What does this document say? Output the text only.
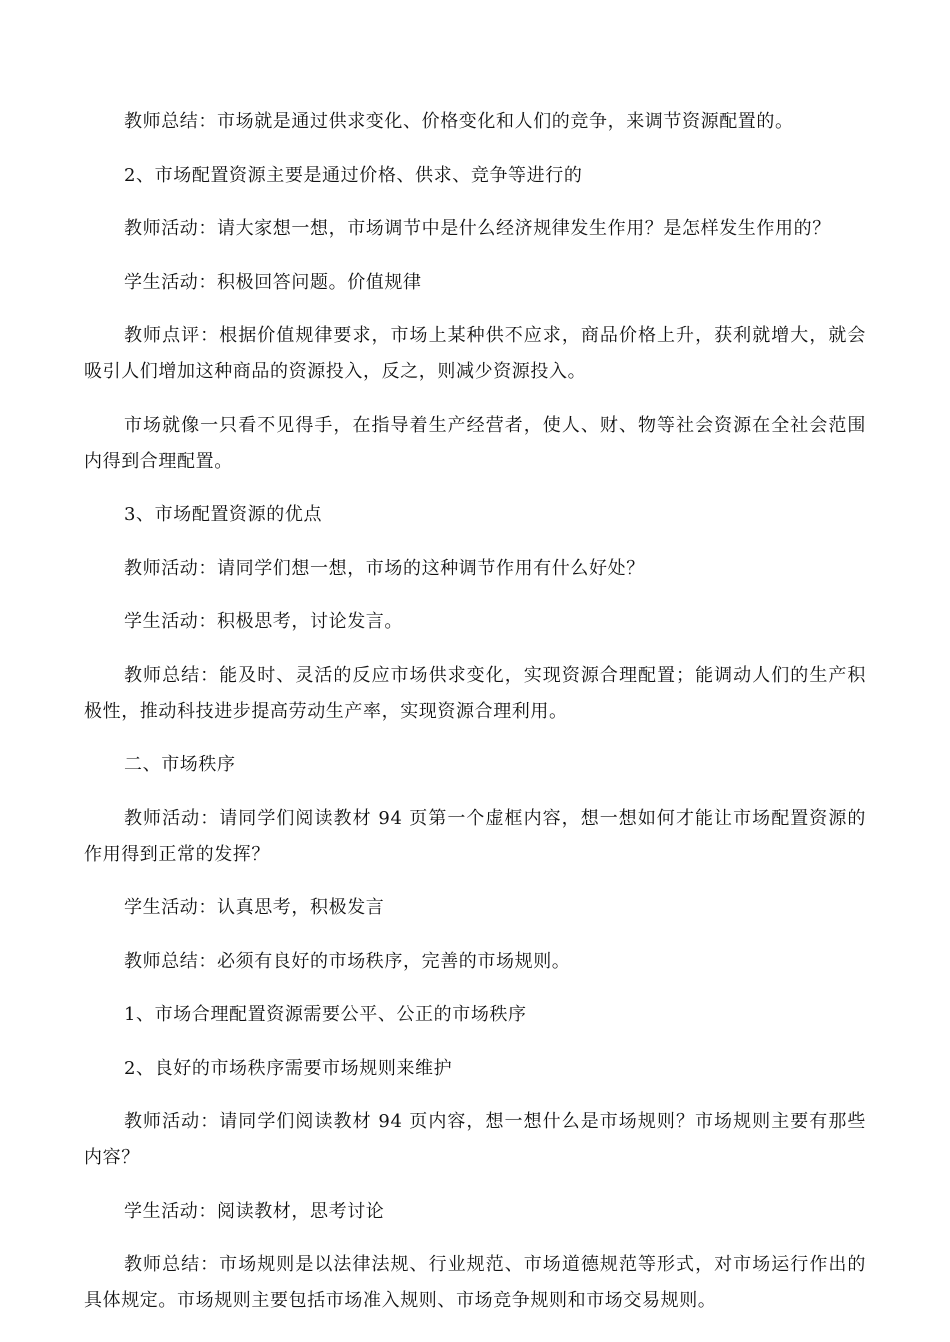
教师总结：市场就是通过供求变化、价格变化和人们的竞争，来调节资源配置的。

2、市场配置资源主要是通过价格、供求、竞争等进行的

教师活动：请大家想一想，市场调节中是什么经济规律发生作用？是怎样发生作用的？

学生活动：积极回答问题。价值规律

教师点评：根据价值规律要求，市场上某种供不应求，商品价格上升，获利就增大，就会吸引人们增加这种商品的资源投入，反之，则减少资源投入。

市场就像一只看不见得手，在指导着生产经营者，使人、财、物等社会资源在全社会范围内得到合理配置。

3、市场配置资源的优点

教师活动：请同学们想一想，市场的这种调节作用有什么好处？

学生活动：积极思考，讨论发言。

教师总结：能及时、灵活的反应市场供求变化，实现资源合理配置；能调动人们的生产积极性，推动科技进步提高劳动生产率，实现资源合理利用。

二、市场秩序

教师活动：请同学们阅读教材 94 页第一个虚框内容，想一想如何才能让市场配置资源的作用得到正常的发挥？

学生活动：认真思考，积极发言

教师总结：必须有良好的市场秩序，完善的市场规则。

1、市场合理配置资源需要公平、公正的市场秩序

2、良好的市场秩序需要市场规则来维护

教师活动：请同学们阅读教材 94 页内容，想一想什么是市场规则？市场规则主要有那些内容？

学生活动：阅读教材，思考讨论

教师总结：市场规则是以法律法规、行业规范、市场道德规范等形式，对市场运行作出的具体规定。市场规则主要包括市场准入规则、市场竞争规则和市场交易规则。
